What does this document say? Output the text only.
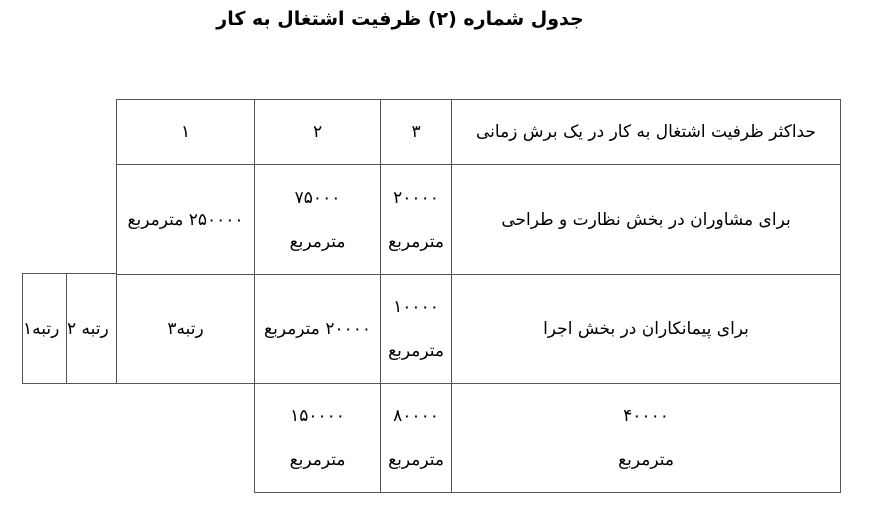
جدول شماره (۲) ظرفيت اشتغال به کار
حداکثر ظرفیت اشتغال به کار در یک برش زمانی
۳
۲
۱
برای مشاوران در بخش نظارت و طراحی
۲۰۰۰۰
مترمربع
۷۵۰۰۰
مترمربع
۲۵۰۰۰۰ مترمربع
برای پیمانکاران در بخش اجرا
۱۰۰۰۰
مترمربع
۲۰۰۰۰ مترمربع
رتبه۳
رتبه ۲
رتبه۱
۴۰۰۰۰
مترمربع
۸۰۰۰۰
مترمربع
۱۵۰۰۰۰
مترمربع
